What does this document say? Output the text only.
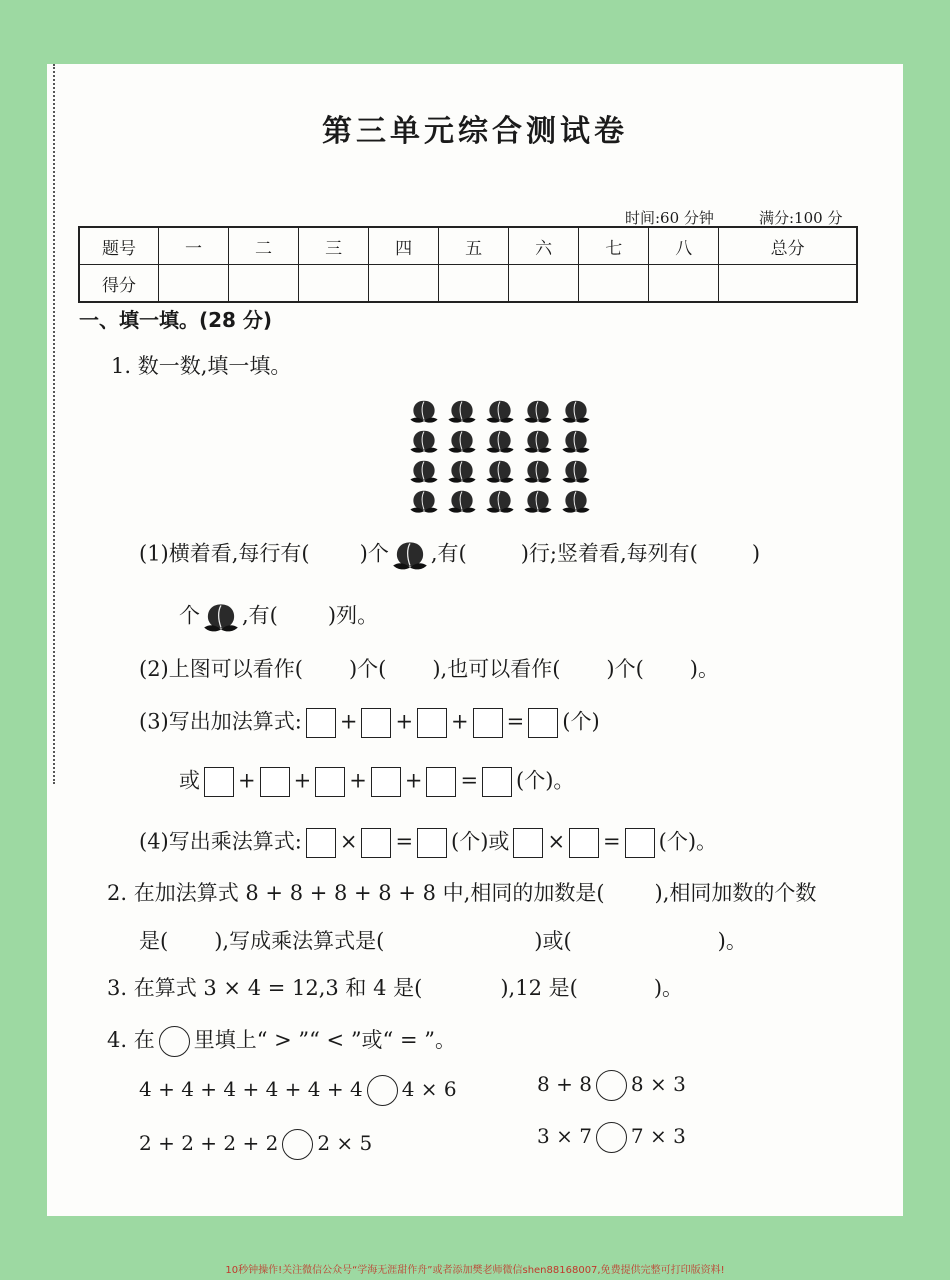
第三单元综合测试卷
时间:60 分钟	满分:100 分
题号	一	二	三	四	五	六	七	八	总分
得分									
一、填一填。(28 分)
1. 数一数,填一填。
(1)横着看,每行有( )个 ,有(	)行;竖着看,每列有(	)
个 ,有( )列。
(2)上图可以看作( )个( ),也可以看作( )个( )。
(3)写出加法算式: + + + = (个)
或 + + + + = (个)。
(4)写出乘法算式: × = (个)或 × = (个)。
2. 在加法算式 8 + 8 + 8 + 8 + 8 中,相同的加数是( ),相同加数的个数
是( ),写成乘法算式是(	)或(	)。
3. 在算式 3 × 4 = 12,3 和 4 是(	),12 是(	)。
4. 在 里填上“ > ”“ < ”或“ = ”。
4 + 4 + 4 + 4 + 4 + 4 4 × 6	8 + 8 8 × 3
2 + 2 + 2 + 2 2 × 5	3 × 7 7 × 3
10秒钟操作!关注微信公众号“学海无涯甜作舟”或者添加樊老师微信shen88168007,免费提供完整可打印版资料!
